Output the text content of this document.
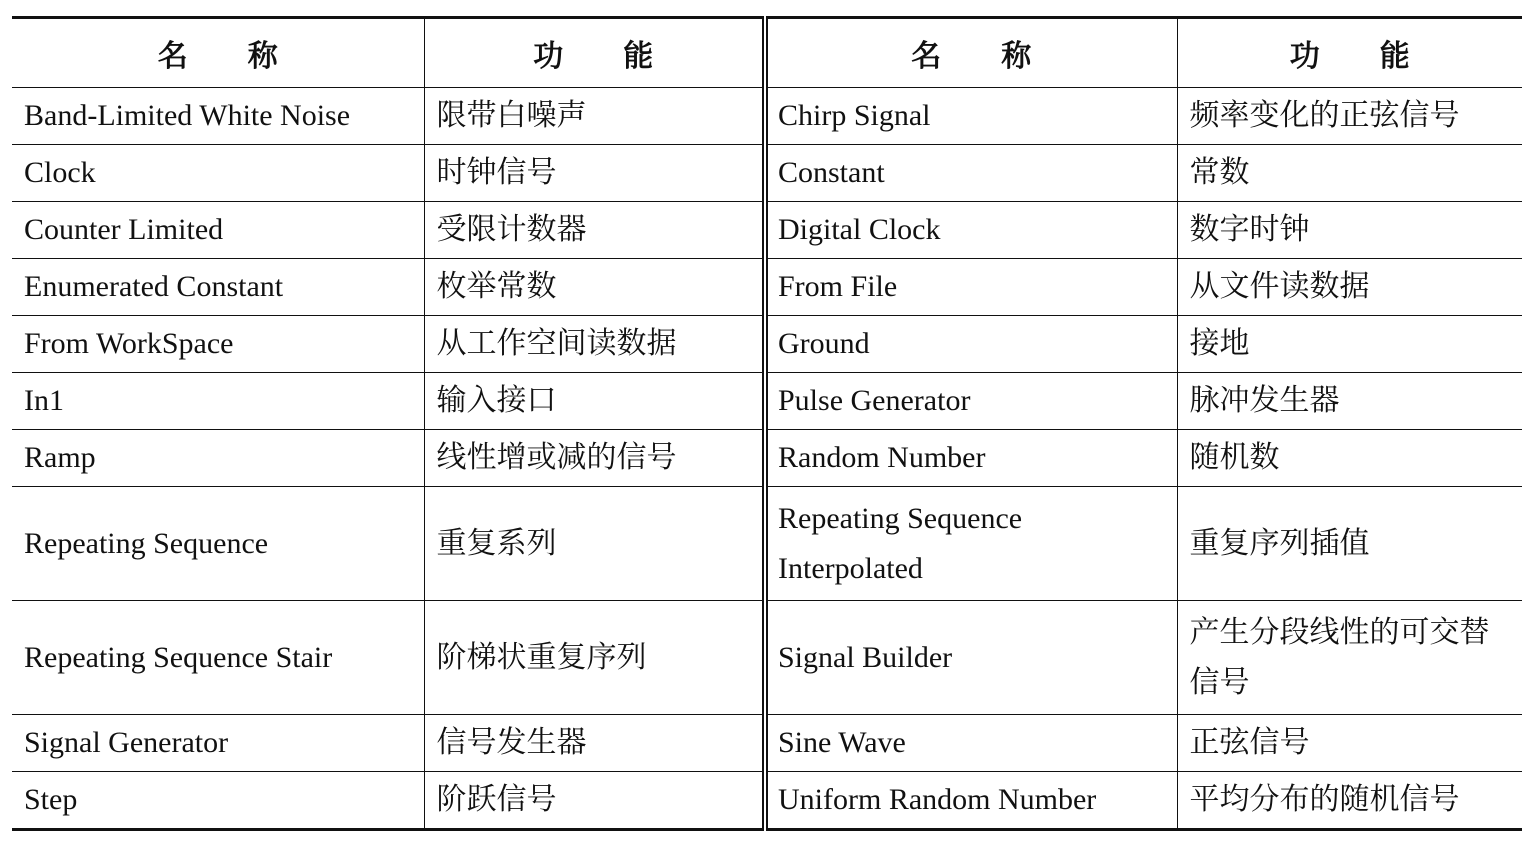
名　　称	功　　能	名　　称	功　　能
Band-Limited White Noise	限带白噪声	Chirp Signal	频率变化的正弦信号
Clock	时钟信号	Constant	常数
Counter Limited	受限计数器	Digital Clock	数字时钟
Enumerated Constant	枚举常数	From File	从文件读数据
From WorkSpace	从工作空间读数据	Ground	接地
In1	输入接口	Pulse Generator	脉冲发生器
Ramp	线性增或减的信号	Random Number	随机数
Repeating Sequence	重复系列	Repeating Sequence Interpolated	重复序列插值
Repeating Sequence Stair	阶梯状重复序列	Signal Builder	产生分段线性的可交替信号
Signal Generator	信号发生器	Sine Wave	正弦信号
Step	阶跃信号	Uniform Random Number	平均分布的随机信号
